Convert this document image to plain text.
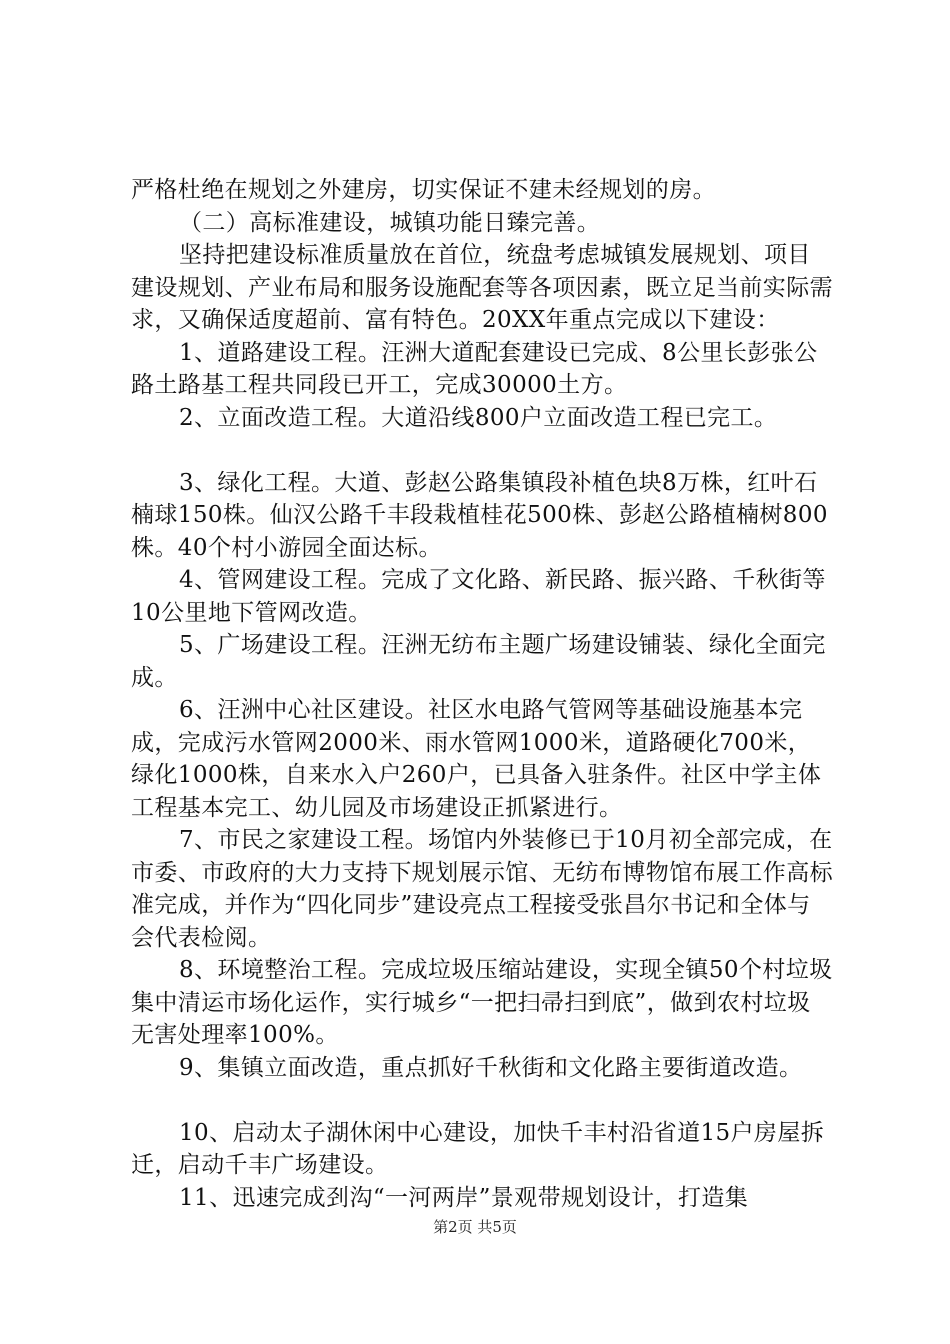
严格杜绝在规划之外建房，切实保证不建未经规划的房。

（二）高标准建设，城镇功能日臻完善。

坚持把建设标准质量放在首位，统盘考虑城镇发展规划、项目建设规划、产业布局和服务设施配套等各项因素，既立足当前实际需求，又确保适度超前、富有特色。20XX年重点完成以下建设：

1、道路建设工程。汪洲大道配套建设已完成、8公里长彭张公路土路基工程共同段已开工，完成30000土方。

2、立面改造工程。大道沿线800户立面改造工程已完工。

3、绿化工程。大道、彭赵公路集镇段补植色块8万株，红叶石楠球150株。仙汉公路千丰段栽植桂花500株、彭赵公路植楠树800株。40个村小游园全面达标。

4、管网建设工程。完成了文化路、新民路、振兴路、千秋街等10公里地下管网改造。

5、广场建设工程。汪洲无纺布主题广场建设铺装、绿化全面完成。

6、汪洲中心社区建设。社区水电路气管网等基础设施基本完成，完成污水管网2000米、雨水管网1000米，道路硬化700米，绿化1000株，自来水入户260户，已具备入驻条件。社区中学主体工程基本完工、幼儿园及市场建设正抓紧进行。

7、市民之家建设工程。场馆内外装修已于10月初全部完成，在市委、市政府的大力支持下规划展示馆、无纺布博物馆布展工作高标准完成，并作为“四化同步”建设亮点工程接受张昌尔书记和全体与会代表检阅。

8、环境整治工程。完成垃圾压缩站建设，实现全镇50个村垃圾集中清运市场化运作，实行城乡“一把扫帚扫到底”，做到农村垃圾无害处理率100%。

9、集镇立面改造，重点抓好千秋街和文化路主要街道改造。

10、启动太子湖休闲中心建设，加快千丰村沿省道15户房屋拆迁，启动千丰广场建设。

11、迅速完成刭沟“一河两岸”景观带规划设计，打造集

第2页 共5页
